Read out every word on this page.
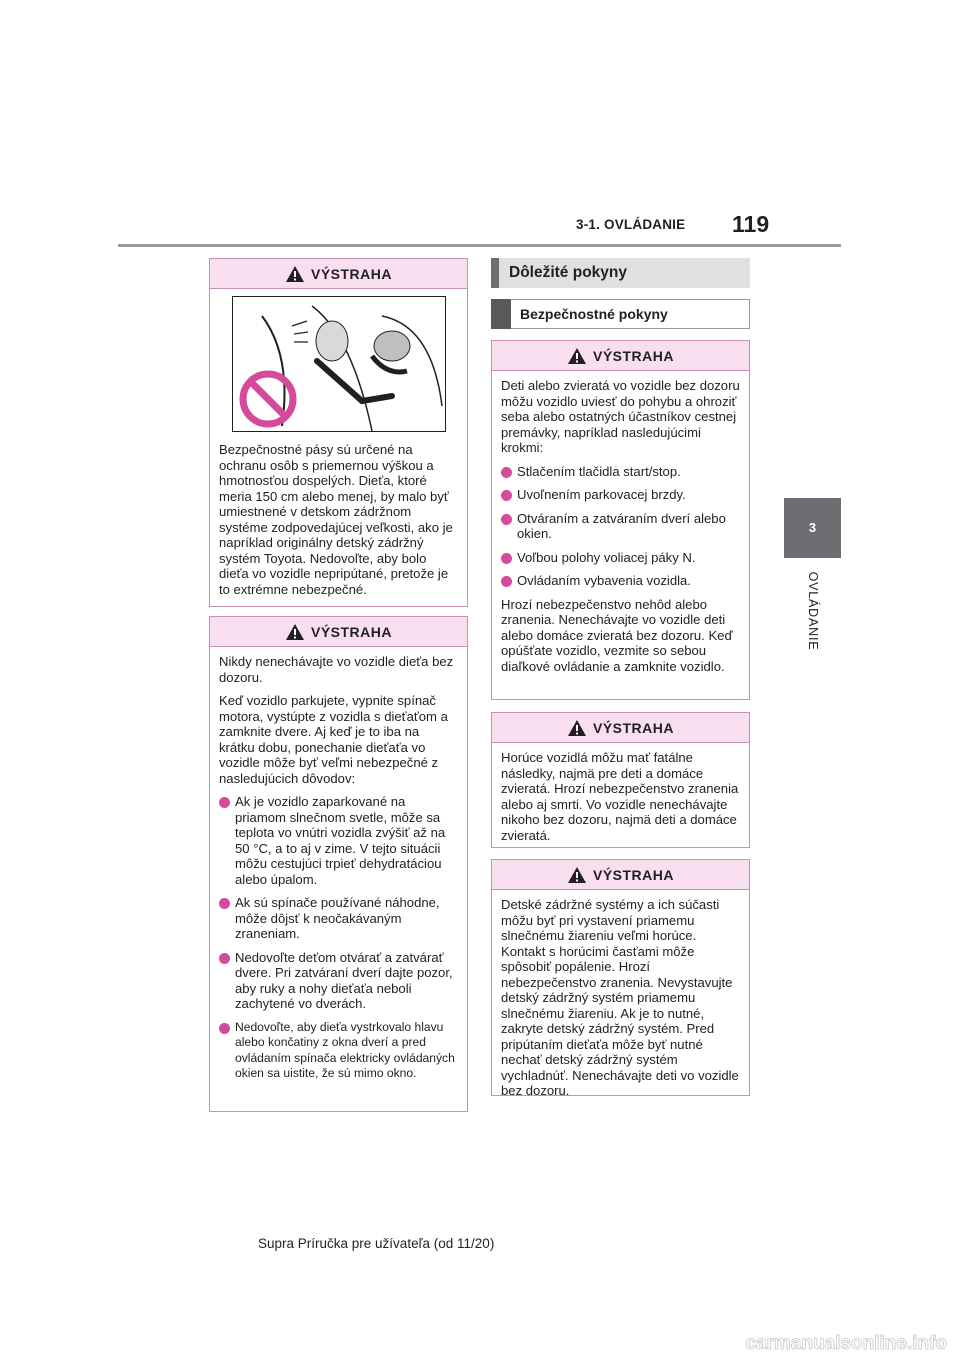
3-1. OVLÁDANIE 119
3
OVLÁDANIE
VÝSTRAHA

Bezpečnostné pásy sú určené na ochranu osôb s priemernou výškou a hmotnosťou dospelých. Dieťa, ktoré meria 150 cm alebo menej, by malo byť umiestnené v detskom zádržnom systéme zodpovedajúcej veľkosti, ako je napríklad originálny detský zádržný systém Toyota. Nedovoľte, aby bolo dieťa vo vozidle nepripútané, pretože je to extrémne nebezpečné.

VÝSTRAHA

Nikdy nenechávajte vo vozidle dieťa bez dozoru.

Keď vozidlo parkujete, vypnite spínač motora, vystúpte z vozidla s dieťaťom a zamknite dvere. Aj keď je to iba na krátku dobu, ponechanie dieťaťa vo vozidle môže byť veľmi nebezpečné z nasledujúcich dôvodov:

Ak je vozidlo zaparkované na priamom slnečnom svetle, môže sa teplota vo vnútri vozidla zvýšiť až na 50 °C, a to aj v zime. V tejto situácii môžu cestujúci trpieť dehydratáciou alebo úpalom.
Ak sú spínače používané náhodne, môže dôjsť k neočakávaným zraneniam.
Nedovoľte deťom otvárať a zatvárať dvere. Pri zatváraní dverí dajte pozor, aby ruky a nohy dieťaťa neboli zachytené vo dverách.
Nedovoľte, aby dieťa vystrkovalo hlavu alebo končatiny z okna dverí a pred ovládaním spínača elektricky ovládaných okien sa uistite, že sú mimo okno.
Dôležité pokyny
Bezpečnostné pokyny
VÝSTRAHA

Deti alebo zvieratá vo vozidle bez dozoru môžu vozidlo uviesť do pohybu a ohroziť seba alebo ostatných účastníkov cestnej premávky, napríklad nasledujúcimi krokmi:

Stlačením tlačidla start/stop.
Uvoľnením parkovacej brzdy.
Otváraním a zatváraním dverí alebo okien.
Voľbou polohy voliacej páky N.
Ovládaním vybavenia vozidla.

Hrozí nebezpečenstvo nehôd alebo zranenia. Nenechávajte vo vozidle deti alebo domáce zvieratá bez dozoru. Keď opúšťate vozidlo, vezmite so sebou diaľkové ovládanie a zamknite vozidlo.

VÝSTRAHA

Horúce vozidlá môžu mať fatálne následky, najmä pre deti a domáce zvieratá. Hrozí nebezpečenstvo zranenia alebo aj smrti. Vo vozidle nenechávajte nikoho bez dozoru, najmä deti a domáce zvieratá.

VÝSTRAHA

Detské zádržné systémy a ich súčasti môžu byť pri vystavení priamemu slnečnému žiareniu veľmi horúce. Kontakt s horúcimi časťami môže spôsobiť popálenie. Hrozí nebezpečenstvo zranenia. Nevystavujte detský zádržný systém priamemu slnečnému žiareniu. Ak je to nutné, zakryte detský zádržný systém. Pred pripútaním dieťaťa môže byť nutné nechať detský zádržný systém vychladnúť. Nenechávajte deti vo vozidle bez dozoru.

Supra Príručka pre užívateľa (od 11/20)
carmanualsonline.info
